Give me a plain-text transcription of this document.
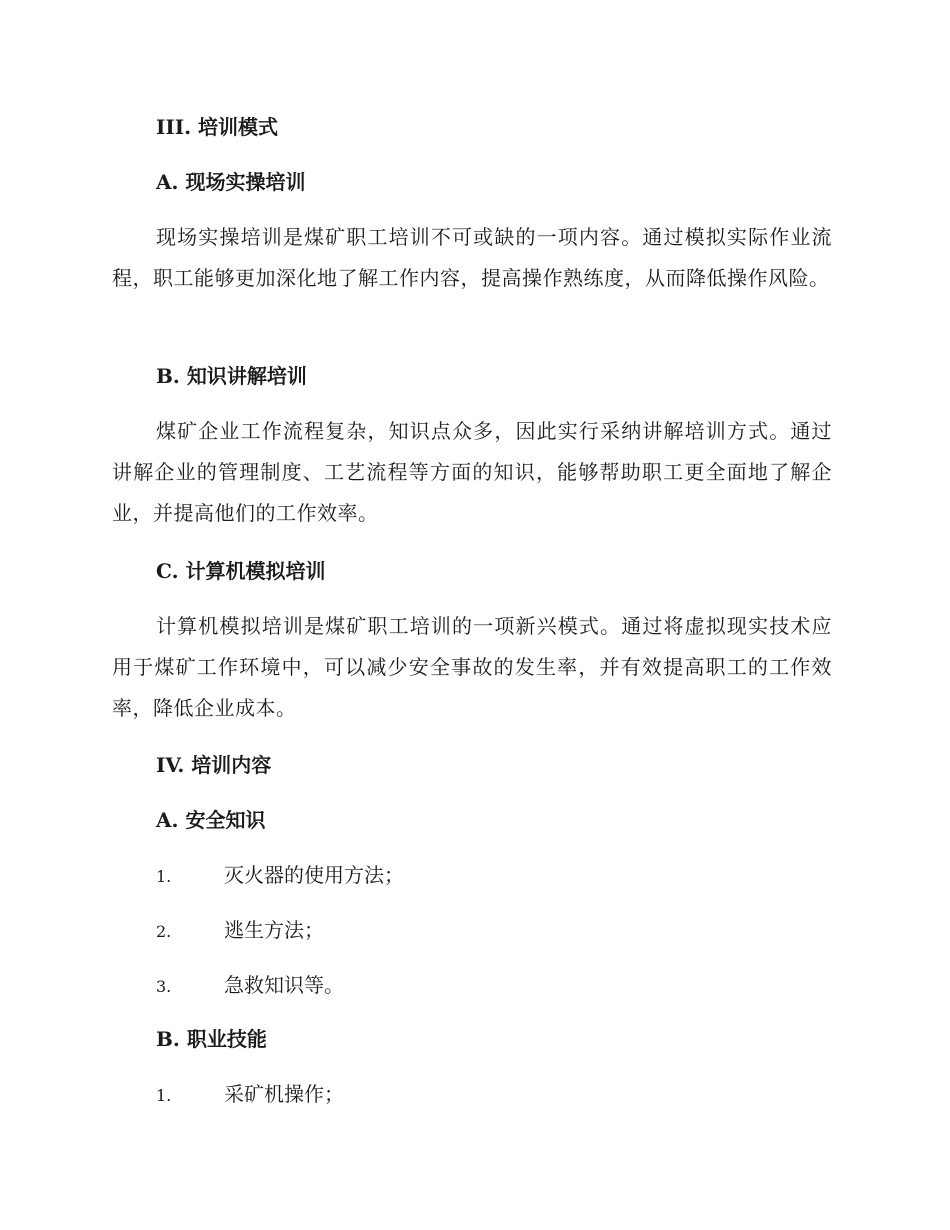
III. 培训模式
A. 现场实操培训
现场实操培训是煤矿职工培训不可或缺的一项内容。通过模拟实际作业流程，职工能够更加深化地了解工作内容，提高操作熟练度，从而降低操作风险。
B. 知识讲解培训
煤矿企业工作流程复杂，知识点众多，因此实行采纳讲解培训方式。通过讲解企业的管理制度、工艺流程等方面的知识，能够帮助职工更全面地了解企业，并提高他们的工作效率。
C. 计算机模拟培训
计算机模拟培训是煤矿职工培训的一项新兴模式。通过将虚拟现实技术应用于煤矿工作环境中，可以减少安全事故的发生率，并有效提高职工的工作效率，降低企业成本。
IV. 培训内容
A. 安全知识
1.	灭火器的使用方法；
2.	逃生方法；
3.	急救知识等。
B. 职业技能
1.	采矿机操作；
